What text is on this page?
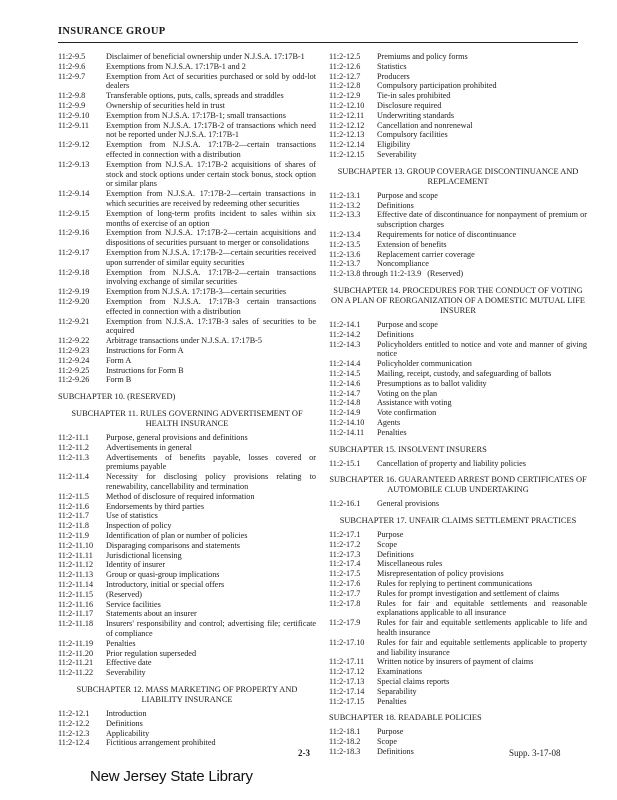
INSURANCE GROUP
11:2-9.5	Disclaimer of beneficial ownership under N.J.S.A. 17:17B-1
11:2-9.6	Exemptions from N.J.S.A. 17:17B-1 and 2
11:2-9.7	Exemption from Act of securities purchased or sold by odd-lot dealers
11:2-9.8	Transferable options, puts, calls, spreads and straddles
11:2-9.9	Ownership of securities held in trust
11:2-9.10	Exemption from N.J.S.A. 17:17B-1; small transactions
11:2-9.11	Exemption from N.J.S.A. 17:17B-2 of transactions which need not be reported under N.J.S.A. 17:17B-1
11:2-9.12	Exemption from N.J.S.A. 17:17B-2—certain transactions effected in connection with a distribution
11:2-9.13	Exemption from N.J.S.A. 17:17B-2 acquisitions of shares of stock and stock options under certain stock bonus, stock option or similar plans
11:2-9.14	Exemption from N.J.S.A. 17:17B-2—certain transactions in which securities are received by redeeming other securities
11:2-9.15	Exemption of long-term profits incident to sales within six months of exercise of an option
11:2-9.16	Exemption from N.J.S.A. 17:17B-2—certain acquisitions and dispositions of securities pursuant to merger or consolidations
11:2-9.17	Exemption from N.J.S.A. 17:17B-2—certain securities received upon surrender of similar equity securities
11:2-9.18	Exemption from N.J.S.A. 17:17B-2—certain transactions involving exchange of similar securities
11:2-9.19	Exemption from N.J.S.A. 17:17B-3—certain securities
11:2-9.20	Exemption from N.J.S.A. 17:17B-3 certain transactions effected in connection with a distribution
11:2-9.21	Exemption from N.J.S.A. 17:17B-3 sales of securities to be acquired
11:2-9.22	Arbitrage transactions under N.J.S.A. 17:17B-5
11:2-9.23	Instructions for Form A
11:2-9.24	Form A
11:2-9.25	Instructions for Form B
11:2-9.26	Form B
SUBCHAPTER 10. (RESERVED)
SUBCHAPTER 11. RULES GOVERNING ADVERTISEMENT OF HEALTH INSURANCE
11:2-11.1	Purpose, general provisions and definitions
11:2-11.2	Advertisements in general
11:2-11.3	Advertisements of benefits payable, losses covered or premiums payable
11:2-11.4	Necessity for disclosing policy provisions relating to renewability, cancellability and termination
11:2-11.5	Method of disclosure of required information
11:2-11.6	Endorsements by third parties
11:2-11.7	Use of statistics
11:2-11.8	Inspection of policy
11:2-11.9	Identification of plan or number of policies
11:2-11.10	Disparaging comparisons and statements
11:2-11.11	Jurisdictional licensing
11:2-11.12	Identity of insurer
11:2-11.13	Group or quasi-group implications
11:2-11.14	Introductory, initial or special offers
11:2-11.15	(Reserved)
11:2-11.16	Service facilities
11:2-11.17	Statements about an insurer
11:2-11.18	Insurers' responsibility and control; advertising file; certificate of compliance
11:2-11.19	Penalties
11:2-11.20	Prior regulation superseded
11:2-11.21	Effective date
11:2-11.22	Severability
SUBCHAPTER 12. MASS MARKETING OF PROPERTY AND LIABILITY INSURANCE
11:2-12.1	Introduction
11:2-12.2	Definitions
11:2-12.3	Applicability
11:2-12.4	Fictitious arrangement prohibited
11:2-12.5	Premiums and policy forms
11:2-12.6	Statistics
11:2-12.7	Producers
11:2-12.8	Compulsory participation prohibited
11:2-12.9	Tie-in sales prohibited
11:2-12.10	Disclosure required
11:2-12.11	Underwriting standards
11:2-12.12	Cancellation and nonrenewal
11:2-12.13	Compulsory facilities
11:2-12.14	Eligibility
11:2-12.15	Severability
SUBCHAPTER 13. GROUP COVERAGE DISCONTINUANCE AND REPLACEMENT
11:2-13.1	Purpose and scope
11:2-13.2	Definitions
11:2-13.3	Effective date of discontinuance for nonpayment of premium or subscription charges
11:2-13.4	Requirements for notice of discontinuance
11:2-13.5	Extension of benefits
11:2-13.6	Replacement carrier coverage
11:2-13.7	Noncompliance
11:2-13.8 through 11:2-13.9 (Reserved)
SUBCHAPTER 14. PROCEDURES FOR THE CONDUCT OF VOTING ON A PLAN OF REORGANIZATION OF A DOMESTIC MUTUAL LIFE INSURER
11:2-14.1	Purpose and scope
11:2-14.2	Definitions
11:2-14.3	Policyholders entitled to notice and vote and manner of giving notice
11:2-14.4	Policyholder communication
11:2-14.5	Mailing, receipt, custody, and safeguarding of ballots
11:2-14.6	Presumptions as to ballot validity
11:2-14.7	Voting on the plan
11:2-14.8	Assistance with voting
11:2-14.9	Vote confirmation
11:2-14.10	Agents
11:2-14.11	Penalties
SUBCHAPTER 15. INSOLVENT INSURERS
11:2-15.1	Cancellation of property and liability policies
SUBCHAPTER 16. GUARANTEED ARREST BOND CERTIFICATES OF AUTOMOBILE CLUB UNDERTAKING
11:2-16.1	General provisions
SUBCHAPTER 17. UNFAIR CLAIMS SETTLEMENT PRACTICES
11:2-17.1	Purpose
11:2-17.2	Scope
11:2-17.3	Definitions
11:2-17.4	Miscellaneous rules
11:2-17.5	Misrepresentation of policy provisions
11:2-17.6	Rules for replying to pertinent communications
11:2-17.7	Rules for prompt investigation and settlement of claims
11:2-17.8	Rules for fair and equitable settlements and reasonable explanations applicable to all insurance
11:2-17.9	Rules for fair and equitable settlements applicable to life and health insurance
11:2-17.10	Rules for fair and equitable settlements applicable to property and liability insurance
11:2-17.11	Written notice by insurers of payment of claims
11:2-17.12	Examinations
11:2-17.13	Special claims reports
11:2-17.14	Separability
11:2-17.15	Penalties
SUBCHAPTER 18. READABLE POLICIES
11:2-18.1	Purpose
11:2-18.2	Scope
11:2-18.3	Definitions
2-3	Supp. 3-17-08
New Jersey State Library
